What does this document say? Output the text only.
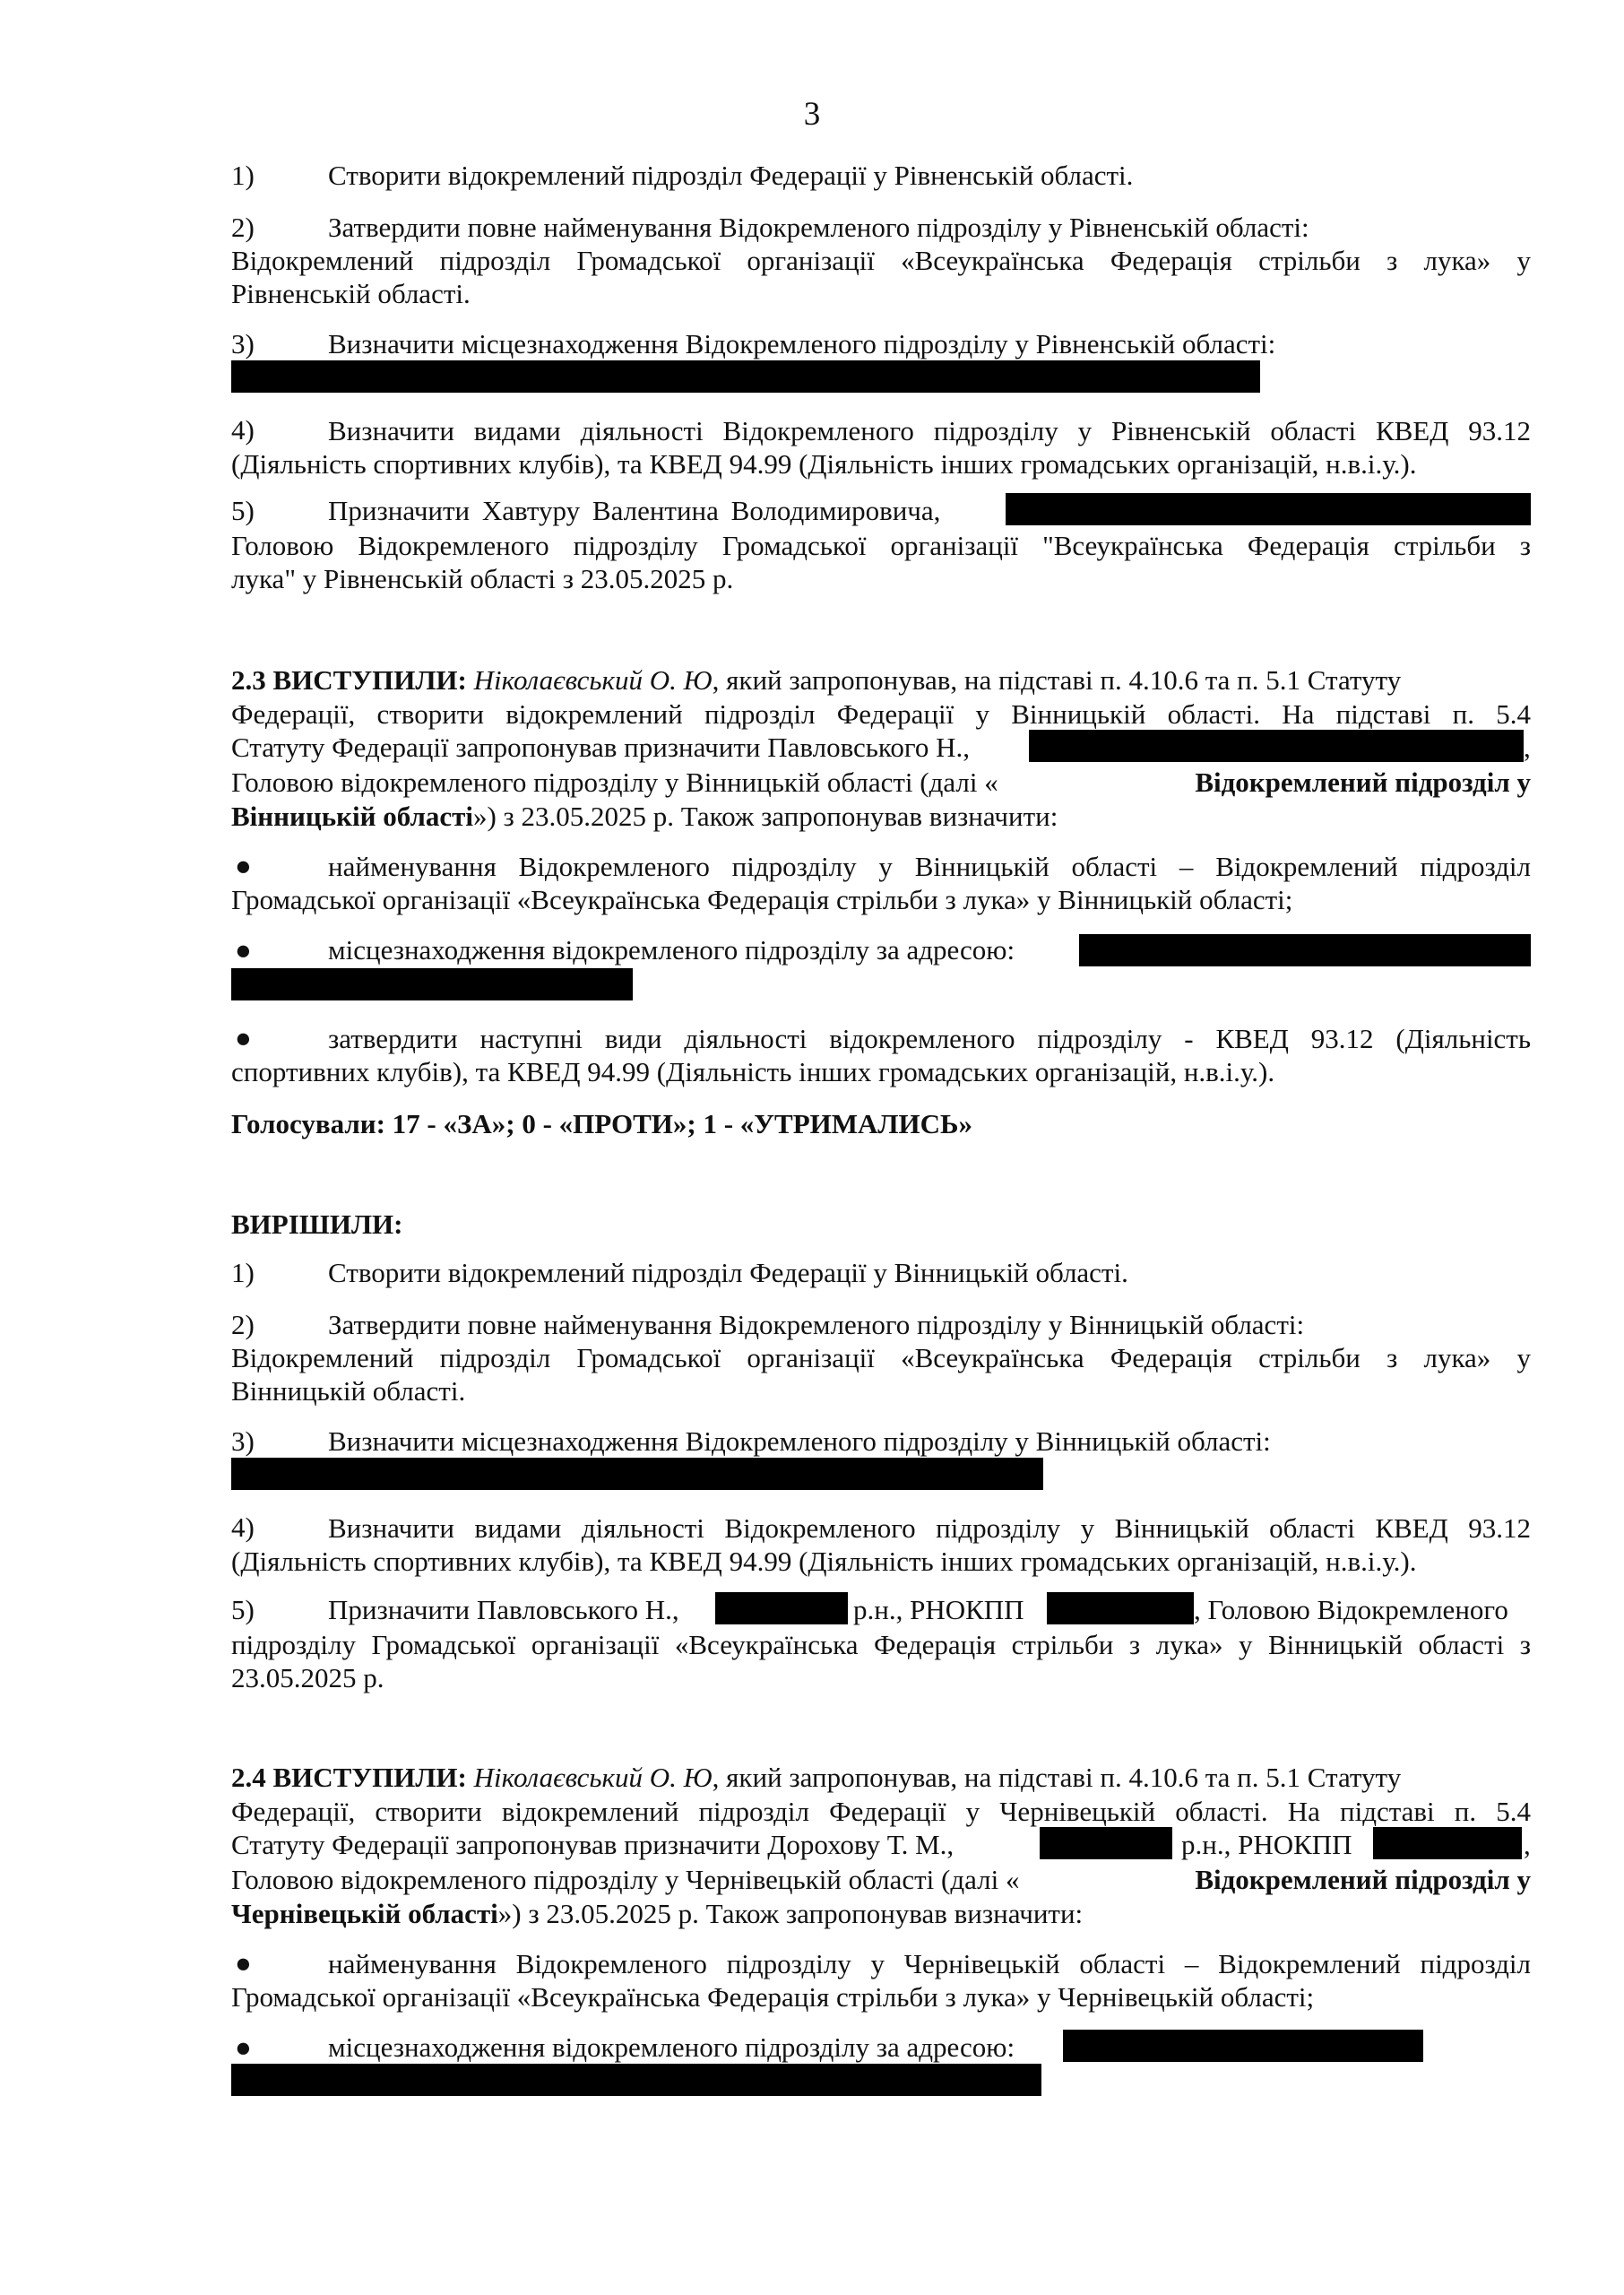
3
1)	Створити відокремлений підрозділ Федерації у Рівненській області.
2)	Затвердити повне найменування Відокремленого підрозділу у Рівненській області:
Відокремлений підрозділ Громадської організації «Всеукраїнська Федерація стрільби з лука» у
Рівненській області.
3)	Визначити місцезнаходження Відокремленого підрозділу у Рівненській області:
4)	Визначити видами діяльності Відокремленого підрозділу у Рівненській області КВЕД 93.12
(Діяльність спортивних клубів), та КВЕД 94.99 (Діяльність інших громадських організацій, н.в.і.у.).
5)	Призначити Хавтуру Валентина Володимировича,
Головою Відокремленого підрозділу Громадської організації "Всеукраїнська Федерація стрільби з
лука" у Рівненській області з 23.05.2025 р.
2.3 ВИСТУПИЛИ: Ніколаєвський О. Ю, який запропонував, на підставі п. 4.10.6 та п. 5.1 Статуту
Федерації, створити відокремлений підрозділ Федерації у Вінницькій області. На підставі п. 5.4
Статуту Федерації запропонував призначити Павловського Н.,	,
Головою відокремленого підрозділу у Вінницькій області (далі «	Відокремлений підрозділ у
Вінницькій області») з 23.05.2025 р. Також запропонував визначити:
●	найменування Відокремленого підрозділу у Вінницькій області – Відокремлений підрозділ
Громадської організації «Всеукраїнська Федерація стрільби з лука» у Вінницькій області;
●	місцезнаходження відокремленого підрозділу за адресою:
●	затвердити наступні види діяльності відокремленого підрозділу - КВЕД 93.12 (Діяльність
спортивних клубів), та КВЕД 94.99 (Діяльність інших громадських організацій, н.в.і.у.).
Голосували: 17 - «ЗА»; 0 - «ПРОТИ»; 1 - «УТРИМАЛИСЬ»
ВИРІШИЛИ:
1)	Створити відокремлений підрозділ Федерації у Вінницькій області.
2)	Затвердити повне найменування Відокремленого підрозділу у Вінницькій області:
Відокремлений підрозділ Громадської організації «Всеукраїнська Федерація стрільби з лука» у
Вінницькій області.
3)	Визначити місцезнаходження Відокремленого підрозділу у Вінницькій області:
4)	Визначити видами діяльності Відокремленого підрозділу у Вінницькій області КВЕД 93.12
(Діяльність спортивних клубів), та КВЕД 94.99 (Діяльність інших громадських організацій, н.в.і.у.).
5)	Призначити Павловського Н.,	р.н., РНОКПП	, Головою Відокремленого
підрозділу Громадської організації «Всеукраїнська Федерація стрільби з лука» у Вінницькій області з
23.05.2025 р.
2.4 ВИСТУПИЛИ: Ніколаєвський О. Ю, який запропонував, на підставі п. 4.10.6 та п. 5.1 Статуту
Федерації, створити відокремлений підрозділ Федерації у Чернівецькій області. На підставі п. 5.4
Статуту Федерації запропонував призначити Дорохову Т. М.,	р.н., РНОКПП	,
Головою відокремленого підрозділу у Чернівецькій області (далі «	Відокремлений підрозділ у
Чернівецькій області») з 23.05.2025 р. Також запропонував визначити:
●	найменування Відокремленого підрозділу у Чернівецькій області – Відокремлений підрозділ
Громадської організації «Всеукраїнська Федерація стрільби з лука» у Чернівецькій області;
●	місцезнаходження відокремленого підрозділу за адресою:
